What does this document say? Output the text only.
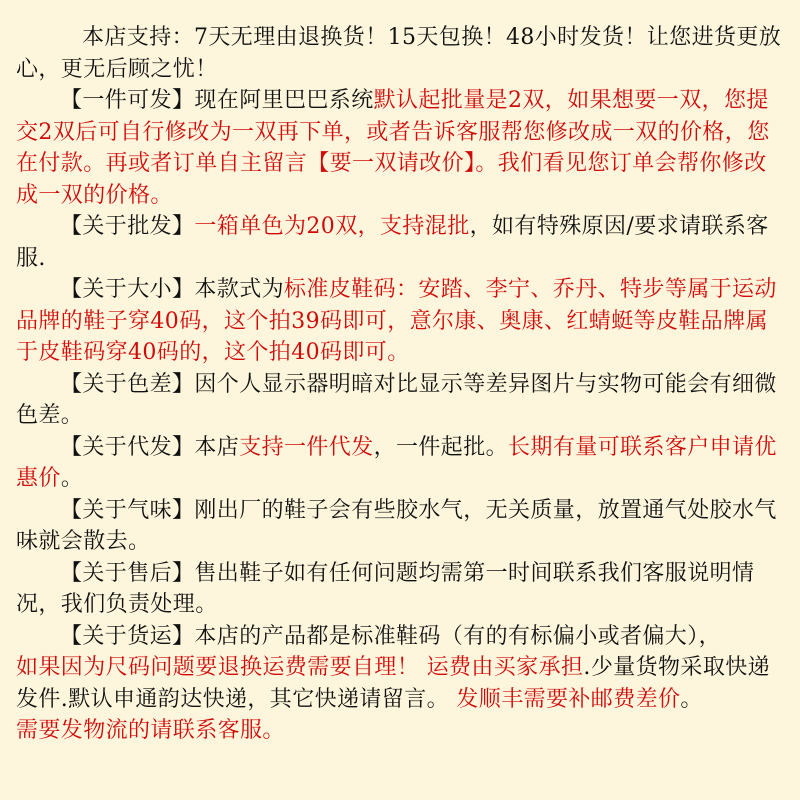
本店支持：7天无理由退换货！15天包换！48小时发货！让您进货更放心，更无后顾之忧！

【一件可发】现在阿里巴巴系统默认起批量是2双，如果想要一双，您提交2双后可自行修改为一双再下单，或者告诉客服帮您修改成一双的价格，您在付款。再或者订单自主留言【要一双请改价】。我们看见您订单会帮你修改成一双的价格。

【关于批发】一箱单色为20双，支持混批，如有特殊原因/要求请联系客服.

【关于大小】本款式为标准皮鞋码：安踏、李宁、乔丹、特步等属于运动品牌的鞋子穿40码，这个拍39码即可，意尔康、奥康、红蜻蜓等皮鞋品牌属于皮鞋码穿40码的，这个拍40码即可。

【关于色差】因个人显示器明暗对比显示等差异图片与实物可能会有细微色差。

【关于代发】本店支持一件代发，一件起批。长期有量可联系客户申请优惠价。

【关于气味】刚出厂的鞋子会有些胶水气，无关质量，放置通气处胶水气味就会散去。

【关于售后】售出鞋子如有任何问题均需第一时间联系我们客服说明情况，我们负责处理。

【关于货运】本店的产品都是标准鞋码（有的有标偏小或者偏大），

如果因为尺码问题要退换运费需要自理！ 运费由买家承担.少量货物采取快递发件.默认申通韵达快递，其它快递请留言。 发顺丰需要补邮费差价。

需要发物流的请联系客服。
